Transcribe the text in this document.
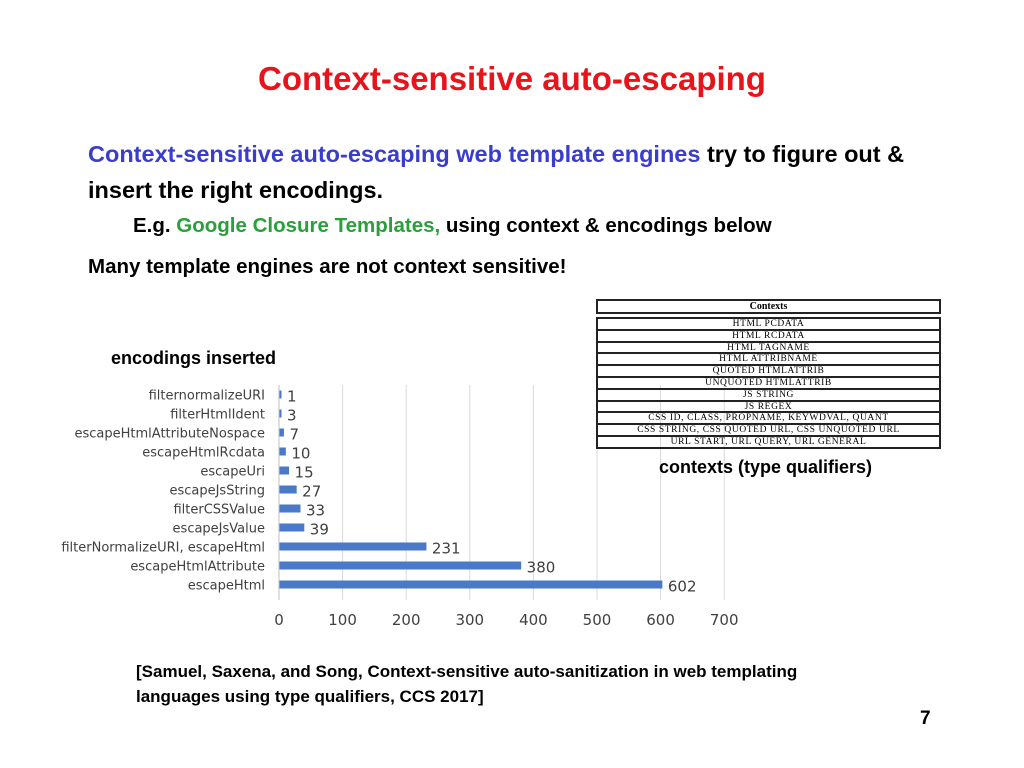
Context-sensitive auto-escaping
Context-sensitive auto-escaping web template engines try to figure out & insert the right encodings.
E.g. Google Closure Templates, using context & encodings below
Many template engines are not context sensitive!
encodings inserted
0	100 200 300 400 500 600 700
filternormalizeURI 1
filterHtmlIdent 3
escapeHtmlAttributeNospace 7
escapeHtmlRcdata 10
escapeUri 15
escapeJsString 27
filterCSSValue	33
escapeJsValue	39
filterNormalizeURI, escapeHtml	231
escapeHtmlAttribute	380
escapeHtml	602
Contexts
HTML PCDATA
HTML RCDATA
HTML TAGNAME
HTML ATTRIBNAME
QUOTED HTMLATTRIB
UNQUOTED HTMLATTRIB
JS STRING
JS REGEX
CSS ID, CLASS, PROPNAME, KEYWDVAL, QUANT
CSS STRING, CSS QUOTED URL, CSS UNQUOTED URL
URL START, URL QUERY, URL GENERAL
contexts (type qualifiers)
[Samuel, Saxena, and Song, Context-sensitive auto-sanitization in web templating languages using type qualifiers, CCS 2017]
7
